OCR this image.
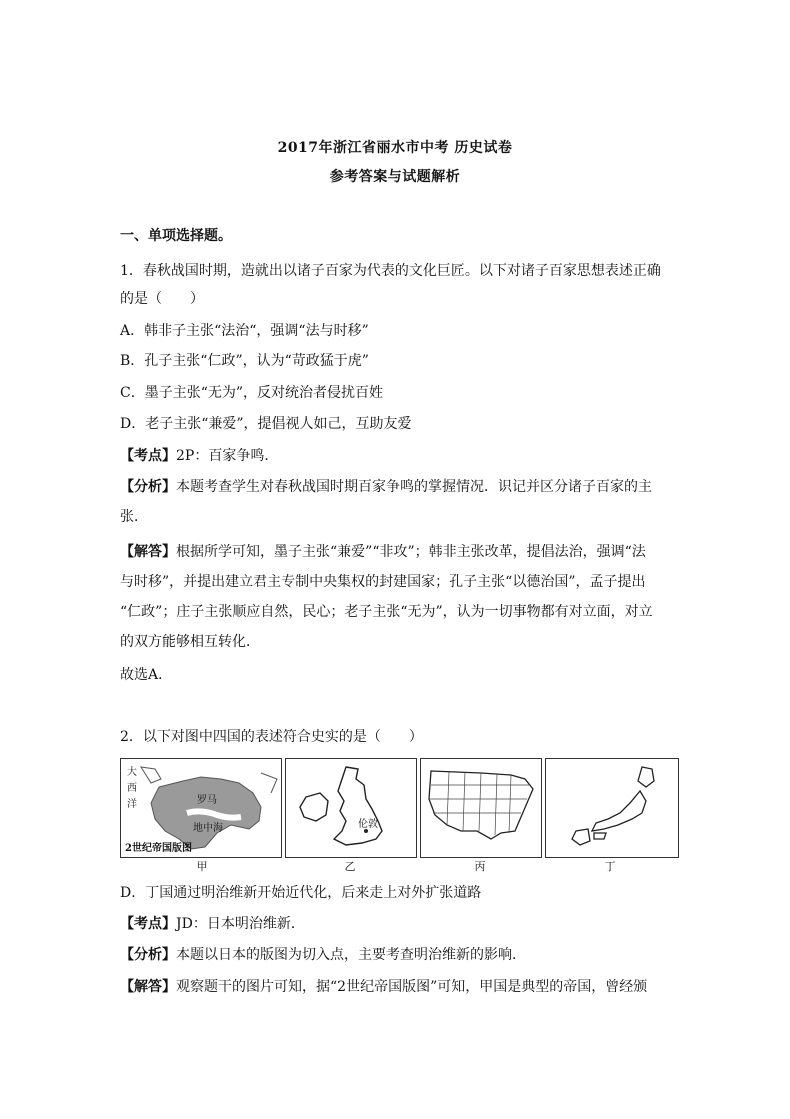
2017年浙江省丽水市中考 历史试卷
参考答案与试题解析
一、单项选择题。
1．春秋战国时期，造就出以诸子百家为代表的文化巨匠。以下对诸子百家思想表述正确
的是（　　）
A．韩非子主张“法治“，强调“法与时移”
B．孔子主张“仁政”，认为“苛政猛于虎”
C．墨子主张“无为”，反对统治者侵扰百姓
D．老子主张“兼爱”，提倡视人如己，互助友爱
【考点】2P：百家争鸣．
【分析】本题考查学生对春秋战国时期百家争鸣的掌握情况．识记并区分诸子百家的主
张．
【解答】根据所学可知，墨子主张“兼爱”“非攻”；韩非主张改革，提倡法治，强调“法
与时移”，并提出建立君主专制中央集权的封建国家；孔子主张“以德治国”，孟子提出
“仁政”；庄子主张顺应自然，民心；老子主张“无为”，认为一切事物都有对立面，对立
的双方能够相互转化．
故选A．
2．以下对图中四国的表述符合史实的是（　　）
大
西
洋	罗马
地中海
2世纪帝国版图
甲
伦敦
乙	丙	丁
D．丁国通过明治维新开始近代化，后来走上对外扩张道路
【考点】JD：日本明治维新．
【分析】本题以日本的版图为切入点，主要考查明治维新的影响．
【解答】观察题干的图片可知，据“2世纪帝国版图”可知，甲国是典型的帝国，曾经颁
